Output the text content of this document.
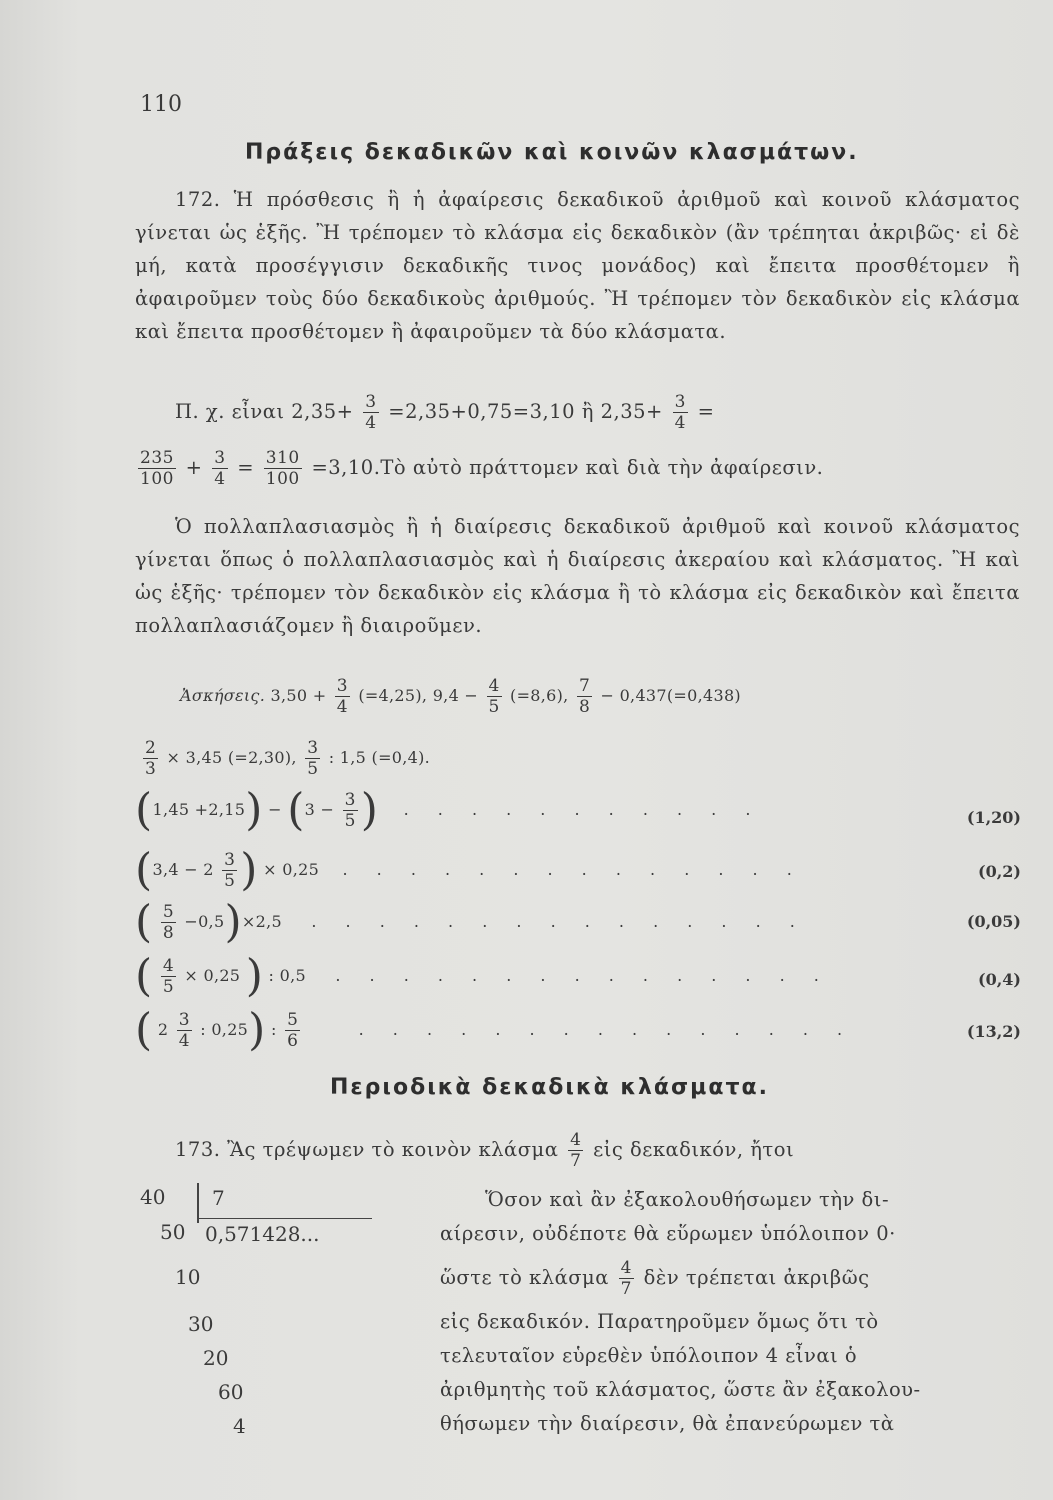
110
Πράξεις δεκαδικῶν καὶ κοινῶν κλασμάτων.
172. Ἡ πρόσθεσις ἢ ἡ ἀφαίρεσις δεκαδικοῦ ἀριθμοῦ καὶ κοινοῦ κλάσματος γίνεται ὡς ἑξῆς. Ἢ τρέπομεν τὸ κλάσμα εἰς δεκαδικὸν (ἂν τρέπηται ἀκριβῶς· εἰ δὲ μή, κατὰ προσέγγισιν δεκαδικῆς τινος μονάδος) καὶ ἔπειτα προσθέτομεν ἢ ἀφαιροῦμεν τοὺς δύο δεκαδικοὺς ἀριθμούς. Ἢ τρέπομεν τὸν δεκαδικὸν εἰς κλάσμα καὶ ἔπειτα προσθέτομεν ἢ ἀφαιροῦμεν τὰ δύο κλάσματα.
Π. χ. εἶναι $2,35+ \frac{3}{4} =2,35+0,75=3,10$ ἢ $2,35+ \frac{3}{4}$ =
$\frac{235}{100} + \frac{3}{4} = \frac{310}{100}$ =3,10.Τὸ αὐτὸ πράττομεν καὶ διὰ τὴν ἀφαίρεσιν.
Ὁ πολλαπλασιασμὸς ἢ ἡ διαίρεσις δεκαδικοῦ ἀριθμοῦ καὶ κοινοῦ κλάσματος γίνεται ὅπως ὁ πολλαπλασιασμὸς καὶ ἡ διαίρεσις ἀκεραίου καὶ κλάσματος. Ἢ καὶ ὡς ἑξῆς· τρέπομεν τὸν δεκαδικὸν εἰς κλάσμα ἢ τὸ κλάσμα εἰς δεκαδικὸν καὶ ἔπειτα πολλαπλασιάζομεν ἢ διαιροῦμεν.
Ἀσκήσεις. $3,50 + \frac{3}{4} (=4,25)$, $9,4 - \frac{4}{5} (=8,6)$, $\frac{7}{8} - 0,437(=0,438)$
$\frac{2}{3} \times 3,45$ (=2,30), $\frac{3}{5}$ : 1,5 (=0,4).
$(1,45 +2,15) - (3 - \frac{3}{5}$ ) . . . . . . . . . . .	(1,20)
($3,4 - 2 \frac{3}{5}$ ) × 0,25 . . . . . . . . . . . . . .	(0,2)
( $\frac{5}{8} -0,5)\times 2,5$ . . . . . . . . . . . . . . .	(0,05)
( $\frac{4}{5} \times 0,25$ ) : 0,5 . . . . . . . . . . . . . . .	(0,4)
( $2 \frac{3}{4}$ : 0,25) : $\frac{5}{6}$	. . . . . . . . . . . . . . .	(13,2)
Περιοδικὰ δεκαδικὰ κλάσματα.
173. Ἂς τρέψωμεν τὸ κοινὸν κλάσμα $\frac{4}{7}$ εἰς δεκαδικόν, ἤτοι
40
50
10
30
20
60
4
7
0,571428...
Ὅσον καὶ ἂν ἐξακολουθήσωμεν τὴν δι-
αίρεσιν, οὐδέποτε θὰ εὕρωμεν ὑπόλοιπον 0·
ὥστε τὸ κλάσμα $\frac{4}{7}$ δὲν τρέπεται ἀκριβῶς
εἰς δεκαδικόν. Παρατηροῦμεν ὅμως ὅτι τὸ
τελευταῖον εὑρεθὲν ὑπόλοιπον 4 εἶναι ὁ
ἀριθμητὴς τοῦ κλάσματος, ὥστε ἂν ἐξακολου-
θήσωμεν τὴν διαίρεσιν, θὰ ἐπανεύρωμεν τὰ
